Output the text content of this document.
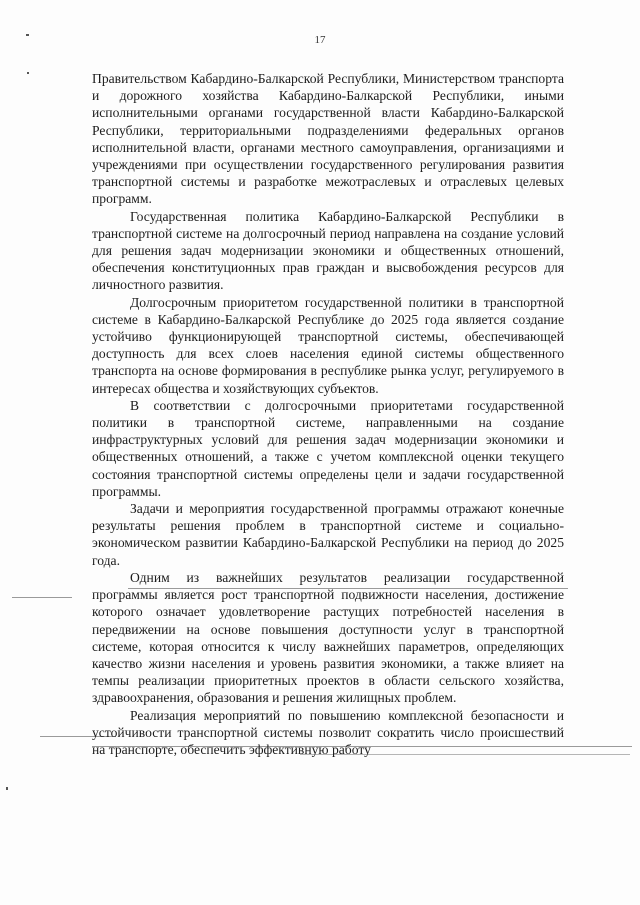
17

Правительством Кабардино-Балкарской Республики, Министерством транспорта и дорожного хозяйства Кабардино-Балкарской Республики, иными исполнительными органами государственной власти Кабардино-Балкарской Республики, территориальными подразделениями федеральных органов исполнительной власти, органами местного самоуправления, организациями и учреждениями при осуществлении государственного регулирования развития транспортной системы и разработке межотраслевых и отраслевых целевых программ.

Государственная политика Кабардино-Балкарской Республики в транспортной системе на долгосрочный период направлена на создание условий для решения задач модернизации экономики и общественных отношений, обеспечения конституционных прав граждан и высвобождения ресурсов для личностного развития.

Долгосрочным приоритетом государственной политики в транспортной системе в Кабардино-Балкарской Республике до 2025 года является создание устойчиво функционирующей транспортной системы, обеспечивающей доступность для всех слоев населения единой системы общественного транспорта на основе формирования в республике рынка услуг, регулируемого в интересах общества и хозяйствующих субъектов.

В соответствии с долгосрочными приоритетами государственной политики в транспортной системе, направленными на создание инфраструктурных условий для решения задач модернизации экономики и общественных отношений, а также с учетом комплексной оценки текущего состояния транспортной системы определены цели и задачи государственной программы.

Задачи и мероприятия государственной программы отражают конечные результаты решения проблем в транспортной системе и социально-экономическом развитии Кабардино-Балкарской Республики на период до 2025 года.

Одним из важнейших результатов реализации государственной программы является рост транспортной подвижности населения, достижение которого означает удовлетворение растущих потребностей населения в передвижении на основе повышения доступности услуг в транспортной системе, которая относится к числу важнейших параметров, определяющих качество жизни населения и уровень развития экономики, а также влияет на темпы реализации приоритетных проектов в области сельского хозяйства, здравоохранения, образования и решения жилищных проблем.

Реализация мероприятий по повышению комплексной безопасности и устойчивости транспортной системы позволит сократить число происшествий на транспорте, обеспечить эффективную работу
